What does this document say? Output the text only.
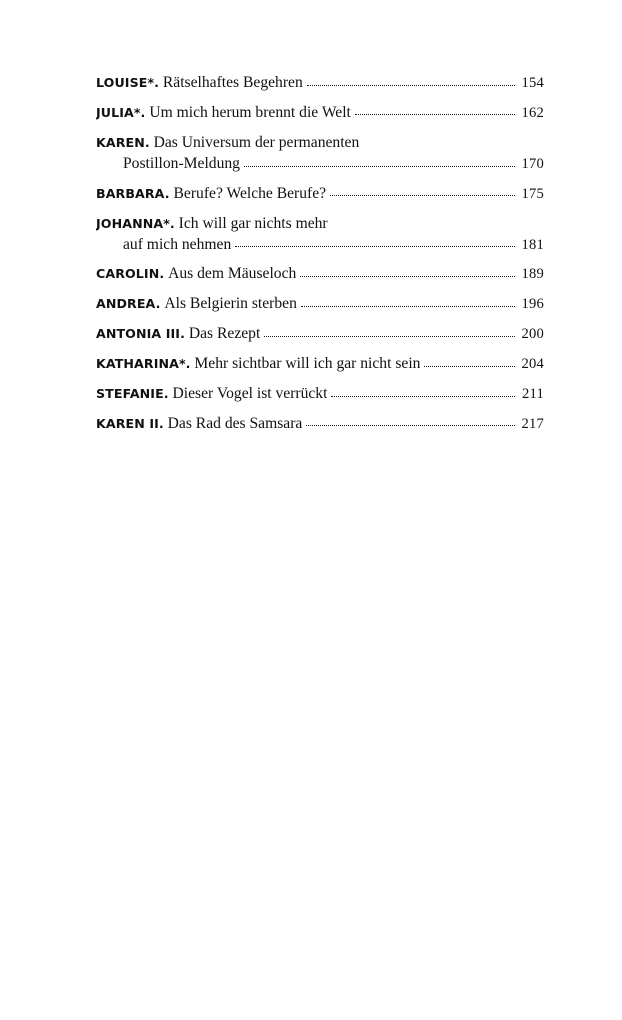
LOUISE*. Rätselhaftes Begehren	154
JULIA*. Um mich herum brennt die Welt	162
KAREN. Das Universum der permanenten
Postillon-Meldung	170
BARBARA. Berufe? Welche Berufe?	175
JOHANNA*. Ich will gar nichts mehr
auf mich nehmen	181
CAROLIN. Aus dem Mäuseloch	189
ANDREA. Als Belgierin sterben	196
ANTONIA III. Das Rezept	200
KATHARINA*. Mehr sichtbar will ich gar nicht sein	204
STEFANIE. Dieser Vogel ist verrückt	211
KAREN II. Das Rad des Samsara	217
